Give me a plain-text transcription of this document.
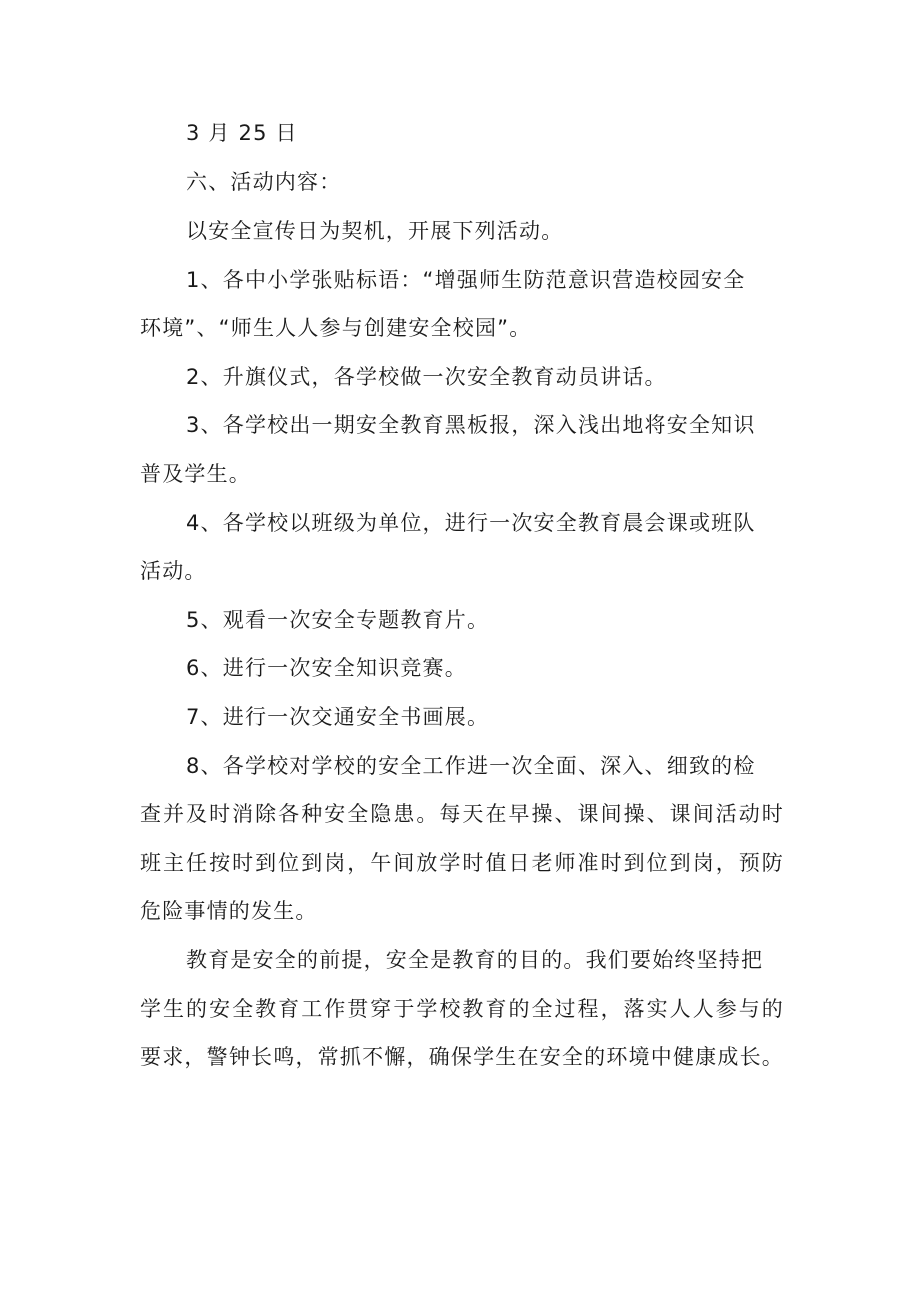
3 月 25 日
六、活动内容：
以安全宣传日为契机，开展下列活动。
1、各中小学张贴标语：“增强师生防范意识营造校园安全
环境”、“师生人人参与创建安全校园”。
2、升旗仪式，各学校做一次安全教育动员讲话。
3、各学校出一期安全教育黑板报，深入浅出地将安全知识
普及学生。
4、各学校以班级为单位，进行一次安全教育晨会课或班队
活动。
5、观看一次安全专题教育片。
6、进行一次安全知识竞赛。
7、进行一次交通安全书画展。
8、各学校对学校的安全工作进一次全面、深入、细致的检
查并及时消除各种安全隐患。每天在早操、课间操、课间活动时
班主任按时到位到岗，午间放学时值日老师准时到位到岗，预防
危险事情的发生。
教育是安全的前提，安全是教育的目的。我们要始终坚持把
学生的安全教育工作贯穿于学校教育的全过程，落实人人参与的
要求，警钟长鸣，常抓不懈，确保学生在安全的环境中健康成长。
